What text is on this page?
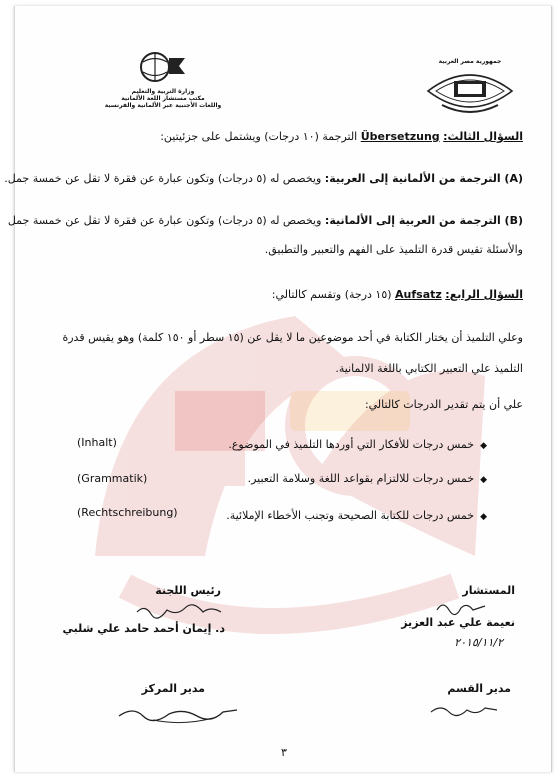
وزارة التربية والتعليم
مكتب مستشار اللغة الألمانية
واللغات الأجنبية عبر الألمانية والفرنسية
جمهورية مصر العربية
السؤال الثالث: Übersetzung الترجمة (١٠ درجات) ويشتمل على جزئيتين:
(A) الترجمة من الألمانية إلى العربية: ويخصص له (٥ درجات) وتكون عبارة عن فقرة لا تقل عن خمسة جمل.
(B) الترجمة من العربية إلى الألمانية: ويخصص له (٥ درجات) وتكون عبارة عن فقرة لا تقل عن خمسة جمل
والأسئلة تقيس قدرة التلميذ على الفهم والتعبير والتطبيق.
السؤال الرابع: Aufsatz (١٥ درجة) وتقسم كالتالي:
وعلي التلميذ أن يختار الكتابة في أحد موضوعين ما لا يقل عن (١٥ سطر أو ١٥٠ كلمة) وهو يقيس قدرة
التلميذ علي التعبير الكتابي باللغة الالمانية.
علي أن يتم تقدير الدرجات كالتالي:
◆خمس درجات للأفكار التي أوردها التلميذ في الموضوع.
(Inhalt)
◆خمس درجات للالتزام بقواعد اللغة وسلامة التعبير.
(Grammatik)
◆خمس درجات للكتابة الصحيحة وتجنب الأخطاء الإملائية.
(Rechtschreibung)
المستشار
نعيمة علي عبد العزيز
٢٠١٥/١١/٢
رئيس اللجنة
د. إيمان أحمد حامد علي شلبي
مدير القسم
مدير المركز
٣
